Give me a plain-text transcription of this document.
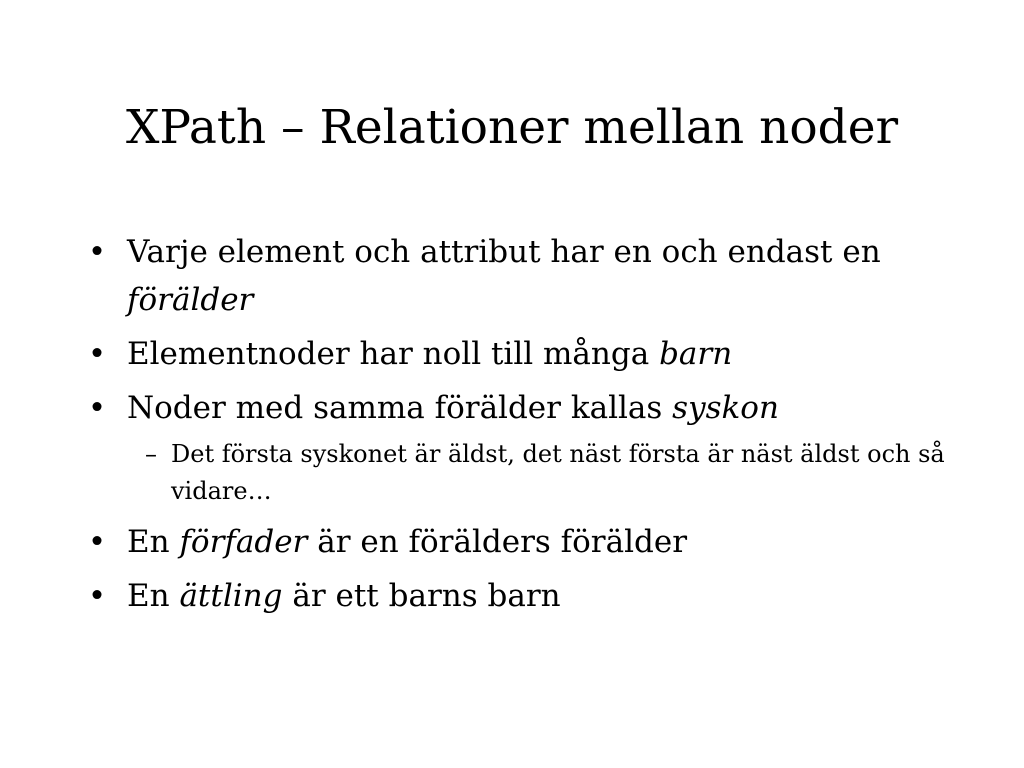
XPath – Relationer mellan noder
• Varje element och attribut har en och endast en förälder
• Elementnoder har noll till många barn
• Noder med samma förälder kallas syskon
– Det första syskonet är äldst, det näst första är näst äldst och så vidare…
• En förfader är en förälders förälder
• En ättling är ett barns barn
